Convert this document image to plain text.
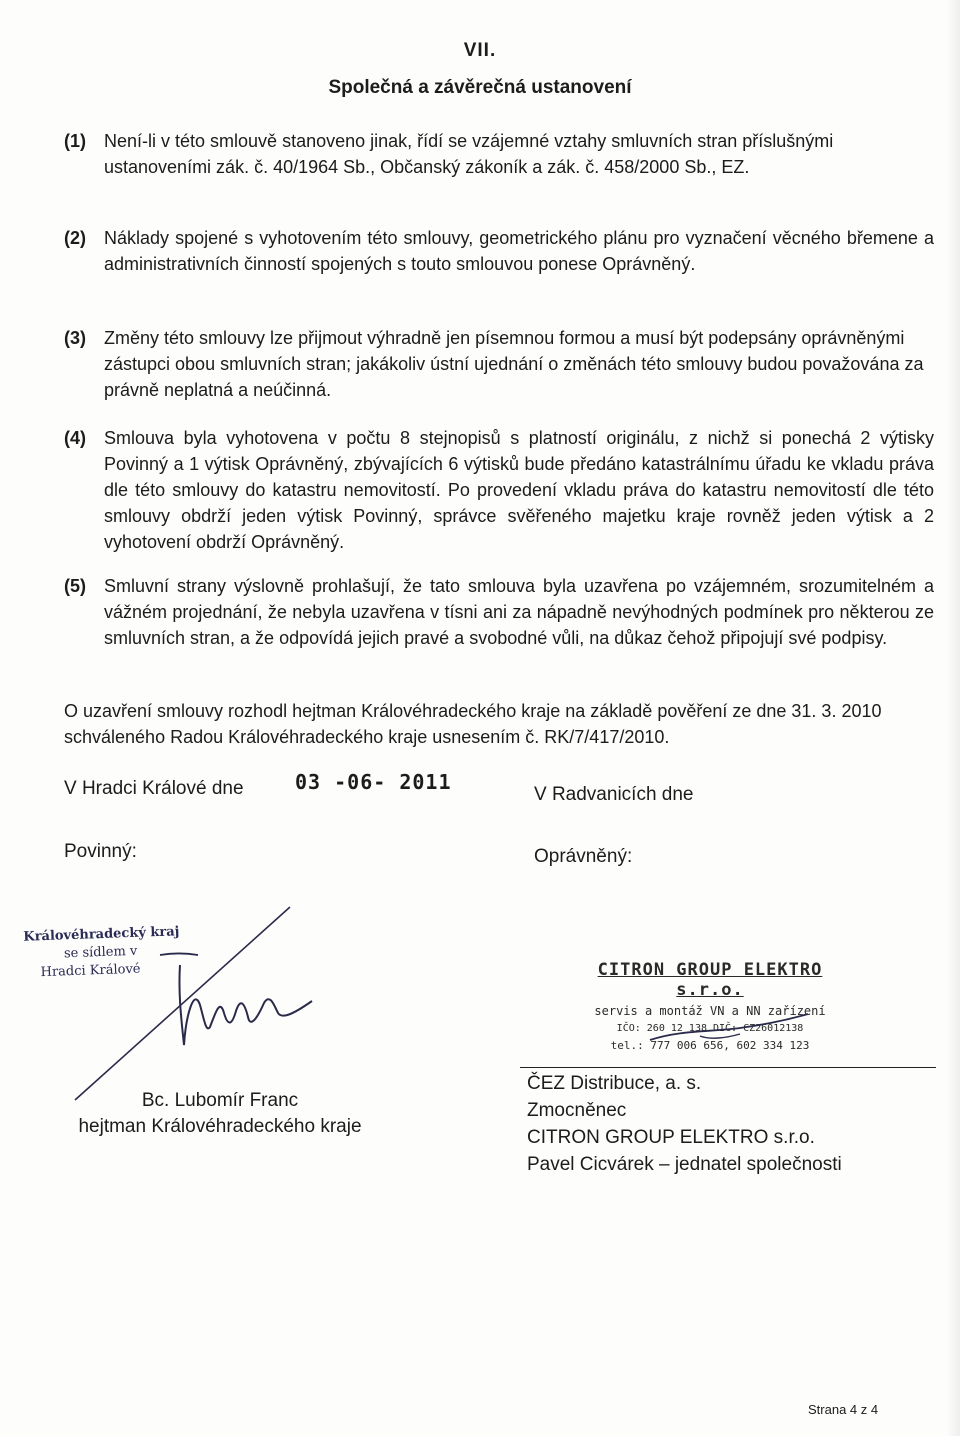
VII.
Společná a závěrečná ustanovení
(1) Není-li v této smlouvě stanoveno jinak, řídí se vzájemné vztahy smluvních stran příslušnými ustanoveními zák. č. 40/1964 Sb., Občanský zákoník a zák. č. 458/2000 Sb., EZ.
(2) Náklady spojené s vyhotovením této smlouvy, geometrického plánu pro vyznačení věcného břemene a administrativních činností spojených s touto smlouvou ponese Oprávněný.
(3) Změny této smlouvy lze přijmout výhradně jen písemnou formou a musí být podepsány oprávněnými zástupci obou smluvních stran; jakákoliv ústní ujednání o změnách této smlouvy budou považována za právně neplatná a neúčinná.
(4) Smlouva byla vyhotovena v počtu 8 stejnopisů s platností originálu, z nichž si ponechá 2 výtisky Povinný a 1 výtisk Oprávněný, zbývajících 6 výtisků bude předáno katastrálnímu úřadu ke vkladu práva dle této smlouvy do katastru nemovitostí. Po provedení vkladu práva do katastru nemovitostí dle této smlouvy obdrží jeden výtisk Povinný, správce svěřeného majetku kraje rovněž jeden výtisk a 2 vyhotovení obdrží Oprávněný.
(5) Smluvní strany výslovně prohlašují, že tato smlouva byla uzavřena po vzájemném, srozumitelném a vážném projednání, že nebyla uzavřena v tísni ani za nápadně nevýhodných podmínek pro některou ze smluvních stran, a že odpovídá jejich pravé a svobodné vůli, na důkaz čehož připojují své podpisy.
O uzavření smlouvy rozhodl hejtman Královéhradeckého kraje na základě pověření ze dne 31. 3. 2010 schváleného Radou Královéhradeckého kraje usnesením č. RK/7/417/2010.
V Hradci Králové dne	03 -06- 2011
V Radvanicích dne
Povinný:	Oprávněný:
Královéhradecký kraj
se sídlem v
Hradci Králové	CITRON GROUP ELEKTRO s.r.o.
servis a montáž VN a NN zařízení
IČO: 260 12 138 DIČ: CZ26012138
tel.: 777 006 656, 602 334 123
Bc. Lubomír Franc
hejtman Královéhradeckého kraje
ČEZ Distribuce, a. s.
Zmocněnec
CITRON GROUP ELEKTRO s.r.o.
Pavel Cicvárek – jednatel společnosti
Strana 4 z 4
